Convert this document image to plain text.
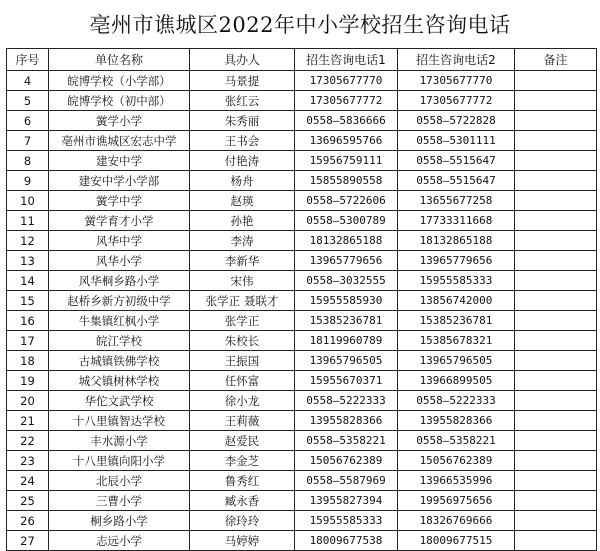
亳州市谯城区2022年中小学校招生咨询电话
序号	单位名称	具办人	招生咨询电话1	招生咨询电话2	备注
4	皖博学校（小学部）	马景提	17305677770	17305677770	
5	皖博学校（初中部）	张红云	17305677772	17305677772	
6	黉学小学	朱秀丽	0558—5836666	0558—5722828	
7	亳州市谯城区宏志中学	王书会	13696595766	0558—5301111	
8	建安中学	付艳涛	15956759111	0558—5515647	
9	建安中学小学部	杨舟	15855890558	0558—5515647	
10	黉学中学	赵瑛	0558—5722606	13655677258	
11	黉学育才小学	孙艳	0558—5300789	17733311668	
12	风华中学	李涛	18132865188	18132865188	
13	风华小学	李新华	13965779656	13965779656	
14	风华桐乡路小学	宋伟	0558—3032555	15955585333	
15	赵桥乡新方初级中学	张学正 聂联才	15955585930	13856742000	
16	牛集镇红枫小学	张学正	15385236781	15385236781	
17	皖江学校	朱校长	18119960789	15385678321	
18	古城镇铁佛学校	王振国	13965796505	13965796505	
19	城父镇树林学校	任怀富	15955670371	13966899505	
20	华佗文武学校	徐小龙	0558—5222333	0558—5222333	
21	十八里镇智达学校	王莉薇	13955828366	13955828366	
22	丰水源小学	赵爱民	0558—5358221	0558—5358221	
23	十八里镇向阳小学	李金芝	15056762389	15056762389	
24	北辰小学	鲁秀红	0558—5587969	13966535996	
25	三曹小学	臧永香	13955827394	19956975656	
26	桐乡路小学	徐玲玲	15955585333	18326769666	
27	志远小学	马婷婷	18009677538	18009677515	
